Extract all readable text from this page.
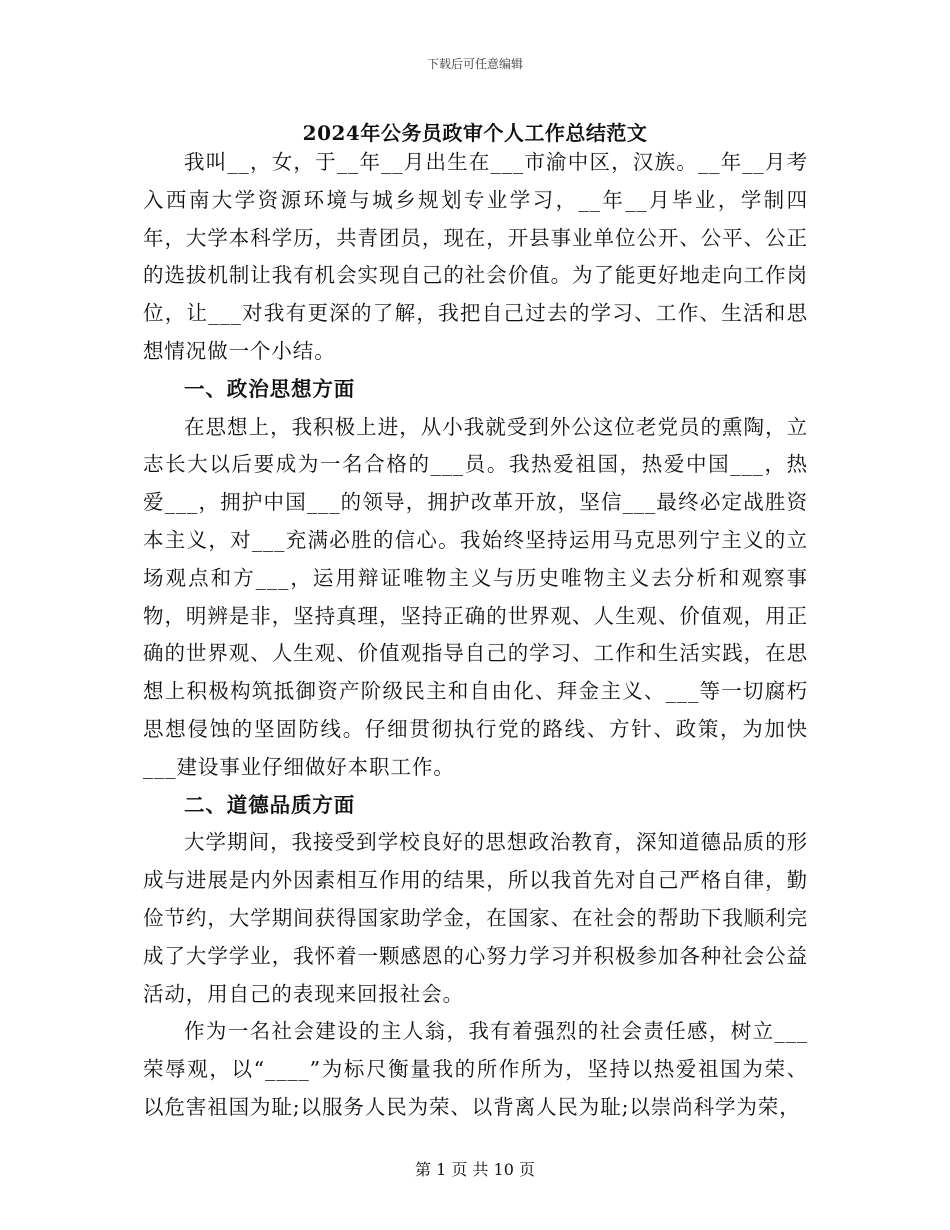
下载后可任意编辑
2024年公务员政审个人工作总结范文

我叫__，女，于__年__月出生在___市渝中区，汉族。__年__月考入西南大学资源环境与城乡规划专业学习，__年__月毕业，学制四年，大学本科学历，共青团员，现在，开县事业单位公开、公平、公正的选拔机制让我有机会实现自己的社会价值。为了能更好地走向工作岗位，让___对我有更深的了解，我把自己过去的学习、工作、生活和思想情况做一个小结。

一、政治思想方面

在思想上，我积极上进，从小我就受到外公这位老党员的熏陶，立志长大以后要成为一名合格的___员。我热爱祖国，热爱中国___，热爱___，拥护中国___的领导，拥护改革开放，坚信___最终必定战胜资本主义，对___充满必胜的信心。我始终坚持运用马克思列宁主义的立场观点和方___，运用辩证唯物主义与历史唯物主义去分析和观察事物，明辨是非，坚持真理，坚持正确的世界观、人生观、价值观，用正确的世界观、人生观、价值观指导自己的学习、工作和生活实践，在思想上积极构筑抵御资产阶级民主和自由化、拜金主义、___等一切腐朽思想侵蚀的坚固防线。仔细贯彻执行党的路线、方针、政策，为加快___建设事业仔细做好本职工作。

二、道德品质方面

大学期间，我接受到学校良好的思想政治教育，深知道德品质的形成与进展是内外因素相互作用的结果，所以我首先对自己严格自律，勤俭节约，大学期间获得国家助学金，在国家、在社会的帮助下我顺利完成了大学学业，我怀着一颗感恩的心努力学习并积极参加各种社会公益活动，用自己的表现来回报社会。

作为一名社会建设的主人翁，我有着强烈的社会责任感，树立___荣辱观，以“____”为标尺衡量我的所作所为，坚持以热爱祖国为荣、以危害祖国为耻;以服务人民为荣、以背离人民为耻;以崇尚科学为荣，

第 1 页 共 10 页
